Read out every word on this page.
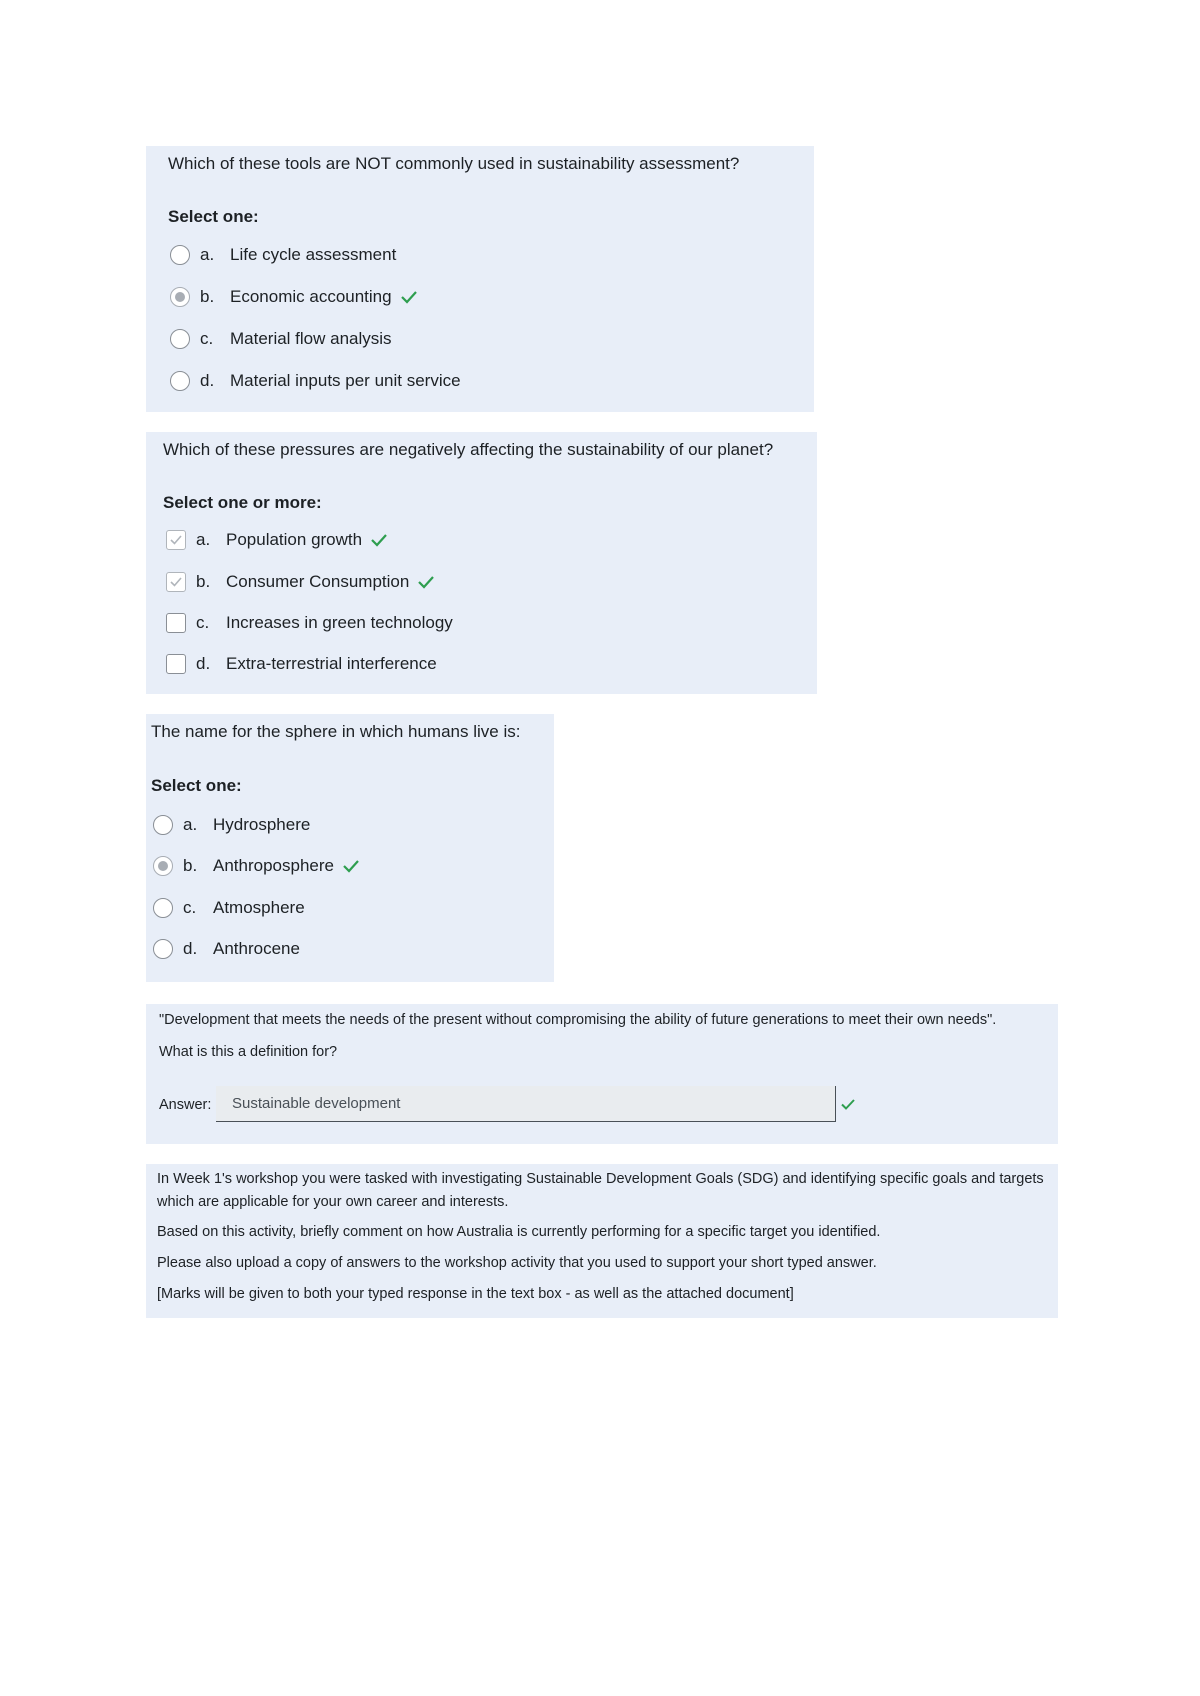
Which of these tools are NOT commonly used in sustainability assessment?
Select one:
a. Life cycle assessment
b. Economic accounting
c. Material flow analysis
d. Material inputs per unit service
Which of these pressures are negatively affecting the sustainability of our planet?
Select one or more:
a. Population growth
b. Consumer Consumption
c. Increases in green technology
d. Extra-terrestrial interference
The name for the sphere in which humans live is:
Select one:
a. Hydrosphere
b. Anthroposphere
c. Atmosphere
d. Anthrocene
"Development that meets the needs of the present without compromising the ability of future generations to meet their own needs".
What is this a definition for?
Answer: Sustainable development
In Week 1's workshop you were tasked with investigating Sustainable Development Goals (SDG) and identifying specific goals and targets
which are applicable for your own career and interests.
Based on this activity, briefly comment on how Australia is currently performing for a specific target you identified.
Please also upload a copy of answers to the workshop activity that you used to support your short typed answer.
[Marks will be given to both your typed response in the text box - as well as the attached document]
